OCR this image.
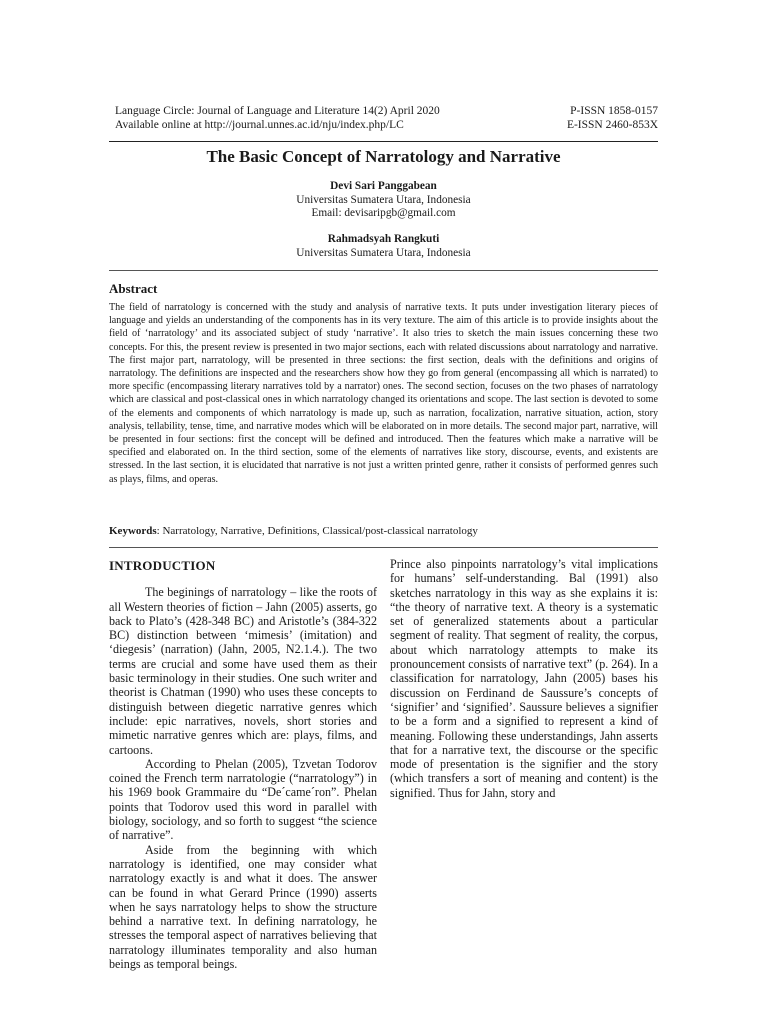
Language Circle: Journal of Language and Literature 14(2) April 2020
Available online at http://journal.unnes.ac.id/nju/index.php/LC
P-ISSN 1858-0157
E-ISSN 2460-853X
The Basic Concept of Narratology and Narrative
Devi Sari Panggabean
Universitas Sumatera Utara, Indonesia
Email: devisaripgb@gmail.com
Rahmadsyah Rangkuti
Universitas Sumatera Utara, Indonesia
Abstract

The field of narratology is concerned with the study and analysis of narrative texts. It puts under investigation literary pieces of language and yields an understanding of the components has in its very texture. The aim of this article is to provide insights about the field of ‘narratology’ and its associated subject of study ‘narrative’. It also tries to sketch the main issues concerning these two concepts. For this, the present review is presented in two major sections, each with related discussions about narratology and narrative. The first major part, narratology, will be presented in three sections: the first section, deals with the definitions and origins of narratology. The definitions are inspected and the researchers show how they go from general (encompassing all which is narrated) to more specific (encompassing literary narratives told by a narrator) ones. The second section, focuses on the two phases of narratology which are classical and post-classical ones in which narratology changed its orientations and scope. The last section is devoted to some of the elements and components of which narratology is made up, such as narration, focalization, narrative situation, action, story analysis, tellability, tense, time, and narrative modes which will be elaborated on in more details. The second major part, narrative, will be presented in four sections: first the concept will be defined and introduced. Then the features which make a narrative will be specified and elaborated on. In the third section, some of the elements of narratives like story, discourse, events, and existents are stressed. In the last section, it is elucidated that narrative is not just a written printed genre, rather it consists of performed genres such as plays, films, and operas.

Keywords: Narratology, Narrative, Definitions, Classical/post-classical narratology
INTRODUCTION

The beginings of narratology – like the roots of all Western theories of fiction – Jahn (2005) asserts, go back to Plato’s (428-348 BC) and Aristotle’s (384-322 BC) distinction between ‘mimesis’ (imitation) and ‘diegesis’ (narration) (Jahn, 2005, N2.1.4.). The two terms are crucial and some have used them as their basic terminology in their studies. One such writer and theorist is Chatman (1990) who uses these concepts to distinguish between diegetic narrative genres which include: epic narratives, novels, short stories and mimetic narrative genres which are: plays, films, and cartoons.

According to Phelan (2005), Tzvetan Todorov coined the French term narratologie (“narratology”) in his 1969 book Grammaire du “De´came´ron”. Phelan points that Todorov used this word in parallel with biology, sociology, and so forth to suggest “the science of narrative”.

Aside from the beginning with which narratology is identified, one may consider what narratology exactly is and what it does. The answer can be found in what Gerard Prince (1990) asserts when he says narratology helps to show the structure behind a narrative text. In defining narratology, he stresses the temporal aspect of narratives believing that narratology illuminates temporality and also human beings as temporal beings.

Prince also pinpoints narratology’s vital implications for humans’ self-understanding. Bal (1991) also sketches narratology in this way as she explains it is: “the theory of narrative text. A theory is a systematic set of generalized statements about a particular segment of reality. That segment of reality, the corpus, about which narratology attempts to make its pronouncement consists of narrative text” (p. 264). In a classification for narratology, Jahn (2005) bases his discussion on Ferdinand de Saussure’s concepts of ‘signifier’ and ‘signified’. Saussure believes a signifier to be a form and a signified to represent a kind of meaning. Following these understandings, Jahn asserts that for a narrative text, the discourse or the specific mode of presentation is the signifier and the story (which transfers a sort of meaning and content) is the signified. Thus for Jahn, story and
